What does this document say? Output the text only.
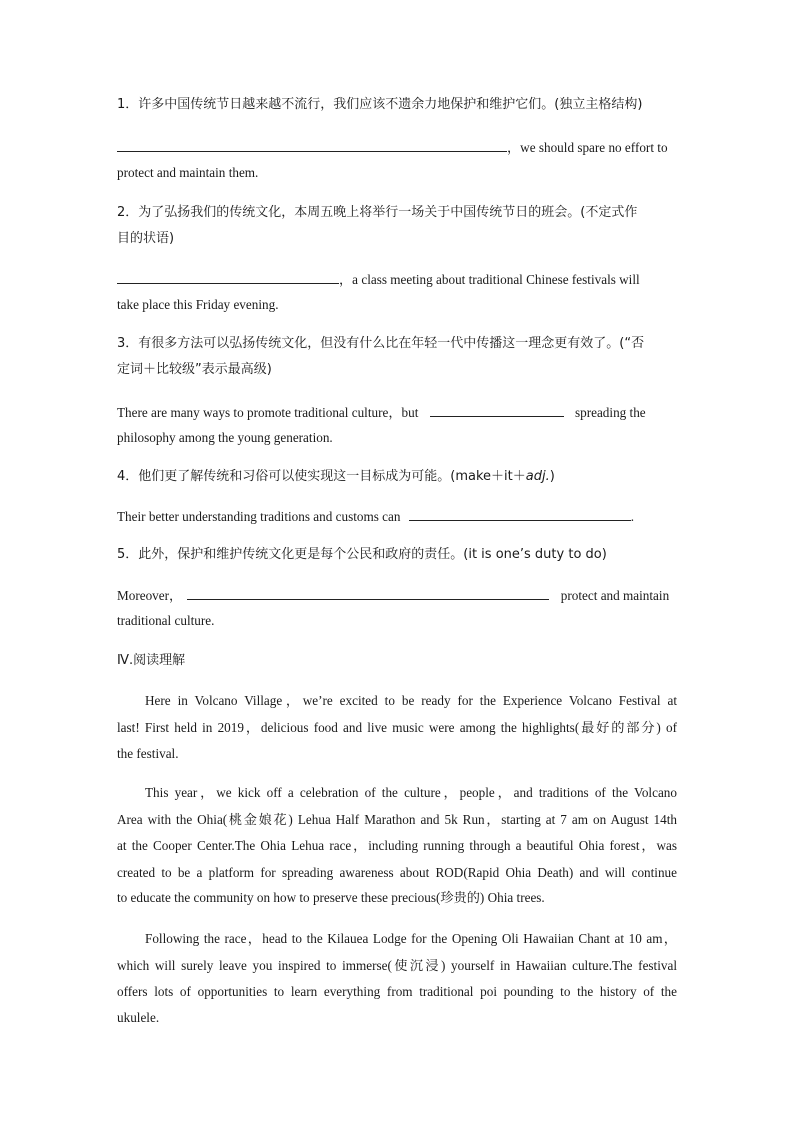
1．许多中国传统节日越来越不流行，我们应该不遗余力地保护和维护它们。(独立主格结构)
，we should spare no effort to
protect and maintain them.
2．为了弘扬我们的传统文化，本周五晚上将举行一场关于中国传统节日的班会。(不定式作
目的状语)
，a class meeting about traditional Chinese festivals will
take place this Friday evening.
3．有很多方法可以弘扬传统文化，但没有什么比在年轻一代中传播这一理念更有效了。(“否
定词＋比较级”表示最高级)
There are many ways to promote traditional culture，but	spreading the
philosophy among the young generation.
4．他们更了解传统和习俗可以使实现这一目标成为可能。(make＋it＋adj.)
Their better understanding traditions and customs can	.
5．此外，保护和维护传统文化更是每个公民和政府的责任。(it is one’s duty to do)
Moreover，	protect and maintain
traditional culture.
Ⅳ.阅读理解
Here in Volcano Village，we’re excited to be ready for the Experience Volcano Festival at
last! First held in 2019，delicious food and live music were among the highlights(最好的部分) of
the festival.
This year，we kick off a celebration of the culture，people，and traditions of the Volcano
Area with the Ohia(桃金娘花) Lehua Half Marathon and 5k Run，starting at 7 am on August 14th
at the Cooper Center.The Ohia Lehua race，including running through a beautiful Ohia forest，was
created to be a platform for spreading awareness about ROD(Rapid Ohia Death) and will continue
to educate the community on how to preserve these precious(珍贵的) Ohia trees.
Following the race，head to the Kilauea Lodge for the Opening Oli Hawaiian Chant at 10 am，
which will surely leave you inspired to immerse(使沉浸) yourself in Hawaiian culture.The festival
offers lots of opportunities to learn everything from traditional poi pounding to the history of the
ukulele.
